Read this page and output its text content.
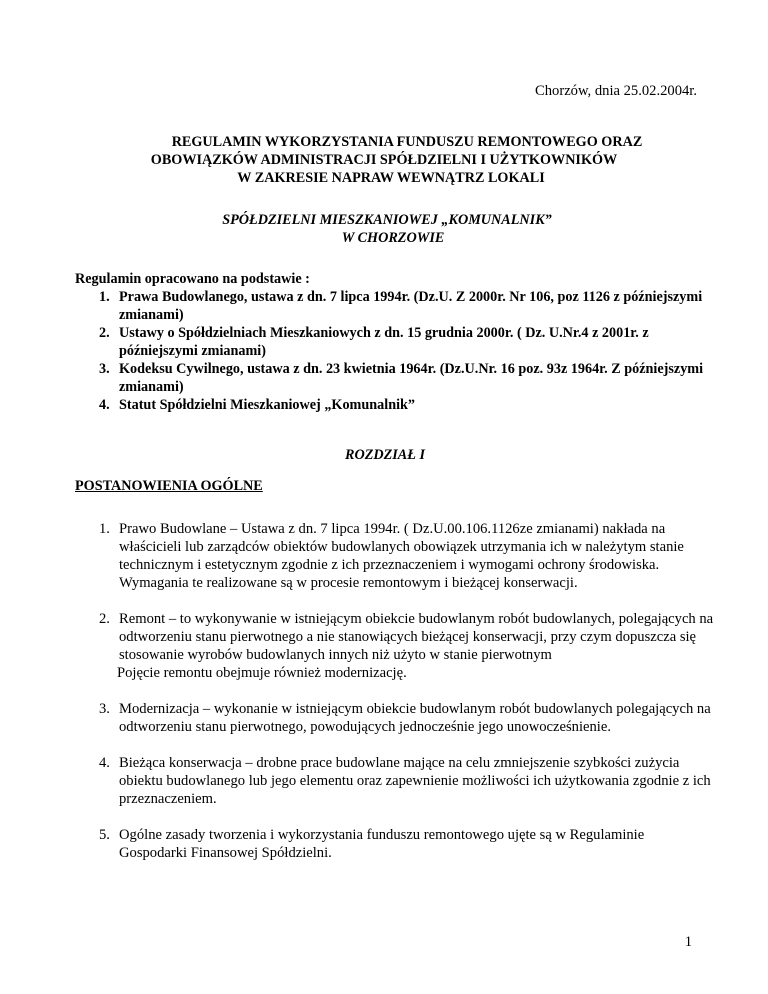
Chorzów, dnia 25.02.2004r.
REGULAMIN WYKORZYSTANIA FUNDUSZU REMONTOWEGO ORAZ
OBOWIĄZKÓW ADMINISTRACJI SPÓŁDZIELNI I UŻYTKOWNIKÓW
W ZAKRESIE NAPRAW WEWNĄTRZ LOKALI
SPÓŁDZIELNI MIESZKANIOWEJ „KOMUNALNIK”
W CHORZOWIE
Regulamin opracowano na podstawie :
1. Prawa Budowlanego, ustawa z dn. 7 lipca 1994r. (Dz.U. Z 2000r. Nr 106, poz 1126 z późniejszymi zmianami)
2. Ustawy o Spółdzielniach Mieszkaniowych z dn. 15 grudnia 2000r. ( Dz. U.Nr.4 z 2001r. z późniejszymi zmianami)
3. Kodeksu Cywilnego, ustawa z dn. 23 kwietnia 1964r. (Dz.U.Nr. 16 poz. 93z 1964r. Z późniejszymi zmianami)
4. Statut Spółdzielni Mieszkaniowej „Komunalnik”
ROZDZIAŁ I
POSTANOWIENIA OGÓLNE
1. Prawo Budowlane – Ustawa z dn. 7 lipca 1994r. ( Dz.U.00.106.1126ze zmianami) nakłada na właścicieli lub zarządców obiektów budowlanych obowiązek utrzymania ich w należytym stanie technicznym i estetycznym zgodnie z ich przeznaczeniem i wymogami ochrony środowiska.
Wymagania te realizowane są w procesie remontowym i bieżącej konserwacji.
2. Remont – to wykonywanie w istniejącym obiekcie budowlanym robót budowlanych, polegających na odtworzeniu stanu pierwotnego a nie stanowiących bieżącej konserwacji, przy czym dopuszcza się stosowanie wyrobów budowlanych innych niż użyto w stanie pierwotnym
Pojęcie remontu obejmuje również modernizację.
3. Modernizacja – wykonanie w istniejącym obiekcie budowlanym robót budowlanych polegających na odtworzeniu stanu pierwotnego, powodujących jednocześnie jego unowocześnienie.
4. Bieżąca konserwacja – drobne prace budowlane mające na celu zmniejszenie szybkości zużycia obiektu budowlanego lub jego elementu oraz zapewnienie możliwości ich użytkowania zgodnie z ich przeznaczeniem.
5. Ogólne zasady tworzenia i wykorzystania funduszu remontowego ujęte są w Regulaminie Gospodarki Finansowej Spółdzielni.
1
